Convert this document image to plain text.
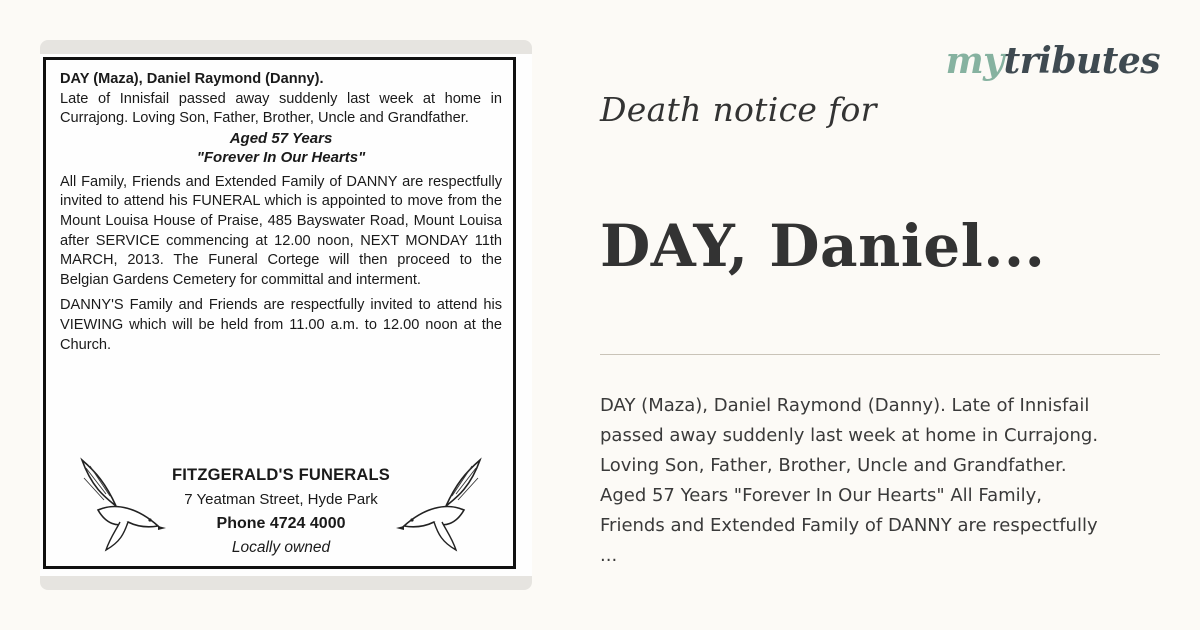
DAY (Maza), Daniel Raymond (Danny).

Late of Innisfail passed away suddenly last week at home in Currajong. Loving Son, Father, Brother, Uncle and Grandfather.

Aged 57 Years

"Forever In Our Hearts"

All Family, Friends and Extended Family of DANNY are respectfully invited to attend his FUNERAL which is appointed to move from the Mount Louisa House of Praise, 485 Bayswater Road, Mount Louisa after SERVICE commencing at 12.00 noon, NEXT MONDAY 11th MARCH, 2013. The Funeral Cortege will then proceed to the Belgian Gardens Cemetery for committal and interment.

DANNY'S Family and Friends are respectfully invited to attend his VIEWING which will be held from 11.00 a.m. to 12.00 noon at the Church.

FITZGERALD'S FUNERALS
7 Yeatman Street, Hyde Park
Phone 4724 4000
Locally owned
mytributes
Death notice for
DAY, Daniel...
DAY (Maza), Daniel Raymond (Danny). Late of Innisfail
passed away suddenly last week at home in Currajong.
Loving Son, Father, Brother, Uncle and Grandfather.
Aged 57 Years "Forever In Our Hearts" All Family,
Friends and Extended Family of DANNY are respectfully
...
